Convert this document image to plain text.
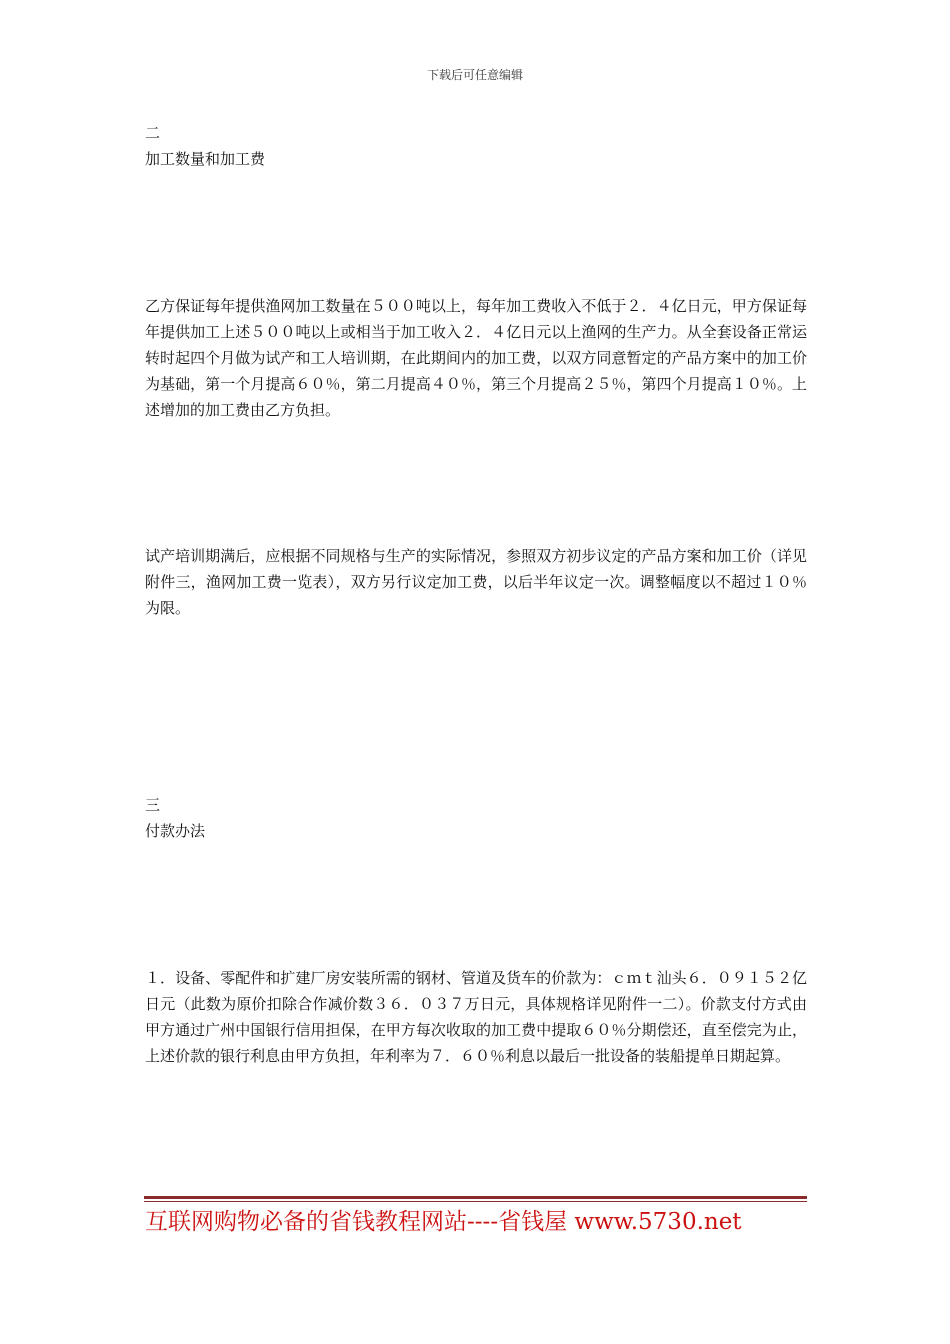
下载后可任意编辑
二
加工数量和加工费

乙方保证每年提供渔网加工数量在５００吨以上，每年加工费收入不低于２．４亿日元，甲方保证每年提供加工上述５００吨以上或相当于加工收入２．４亿日元以上渔网的生产力。从全套设备正常运转时起四个月做为试产和工人培训期，在此期间内的加工费，以双方同意暂定的产品方案中的加工价为基础，第一个月提高６０％，第二月提高４０％，第三个月提高２５％，第四个月提高１０％。上述增加的加工费由乙方负担。

试产培训期满后，应根据不同规格与生产的实际情况，参照双方初步议定的产品方案和加工价（详见附件三，渔网加工费一览表），双方另行议定加工费，以后半年议定一次。调整幅度以不超过１０％为限。

三
付款办法

１．设备、零配件和扩建厂房安装所需的钢材、管道及货车的价款为：ｃｍｔ汕头６．０９１５２亿日元（此数为原价扣除合作减价数３６．０３７万日元，具体规格详见附件一二）。价款支付方式由甲方通过广州中国银行信用担保，在甲方每次收取的加工费中提取６０％分期偿还，直至偿完为止，上述价款的银行利息由甲方负担，年利率为７．６０％利息以最后一批设备的装船提单日期起算。

互联网购物必备的省钱教程网站----省钱屋 www.5730.net
